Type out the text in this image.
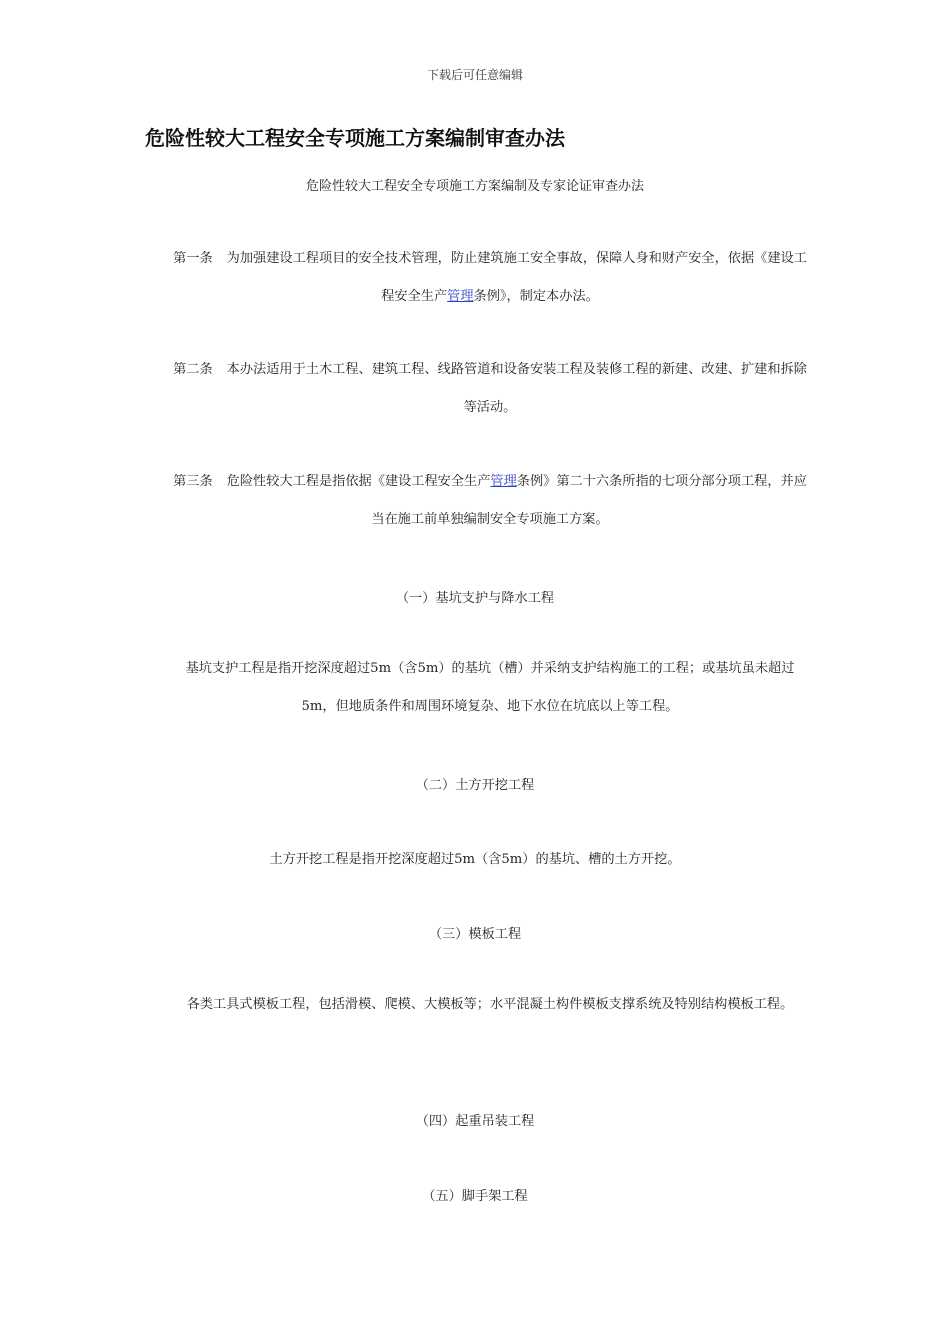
下载后可任意编辑
危险性较大工程安全专项施工方案编制审查办法
危险性较大工程安全专项施工方案编制及专家论证审查办法

第一条 为加强建设工程项目的安全技术管理，防止建筑施工安全事故，保障人身和财产安全，依据《建设工程安全生产管理条例》，制定本办法。

第二条 本办法适用于土木工程、建筑工程、线路管道和设备安装工程及装修工程的新建、改建、扩建和拆除等活动。

第三条 危险性较大工程是指依据《建设工程安全生产管理条例》第二十六条所指的七项分部分项工程，并应当在施工前单独编制安全专项施工方案。

（一）基坑支护与降水工程

基坑支护工程是指开挖深度超过5m（含5m）的基坑（槽）并采纳支护结构施工的工程；或基坑虽未超过5m，但地质条件和周围环境复杂、地下水位在坑底以上等工程。

（二）土方开挖工程

土方开挖工程是指开挖深度超过5m（含5m）的基坑、槽的土方开挖。

（三）模板工程

各类工具式模板工程，包括滑模、爬模、大模板等；水平混凝土构件模板支撑系统及特别结构模板工程。

（四）起重吊装工程

（五）脚手架工程
